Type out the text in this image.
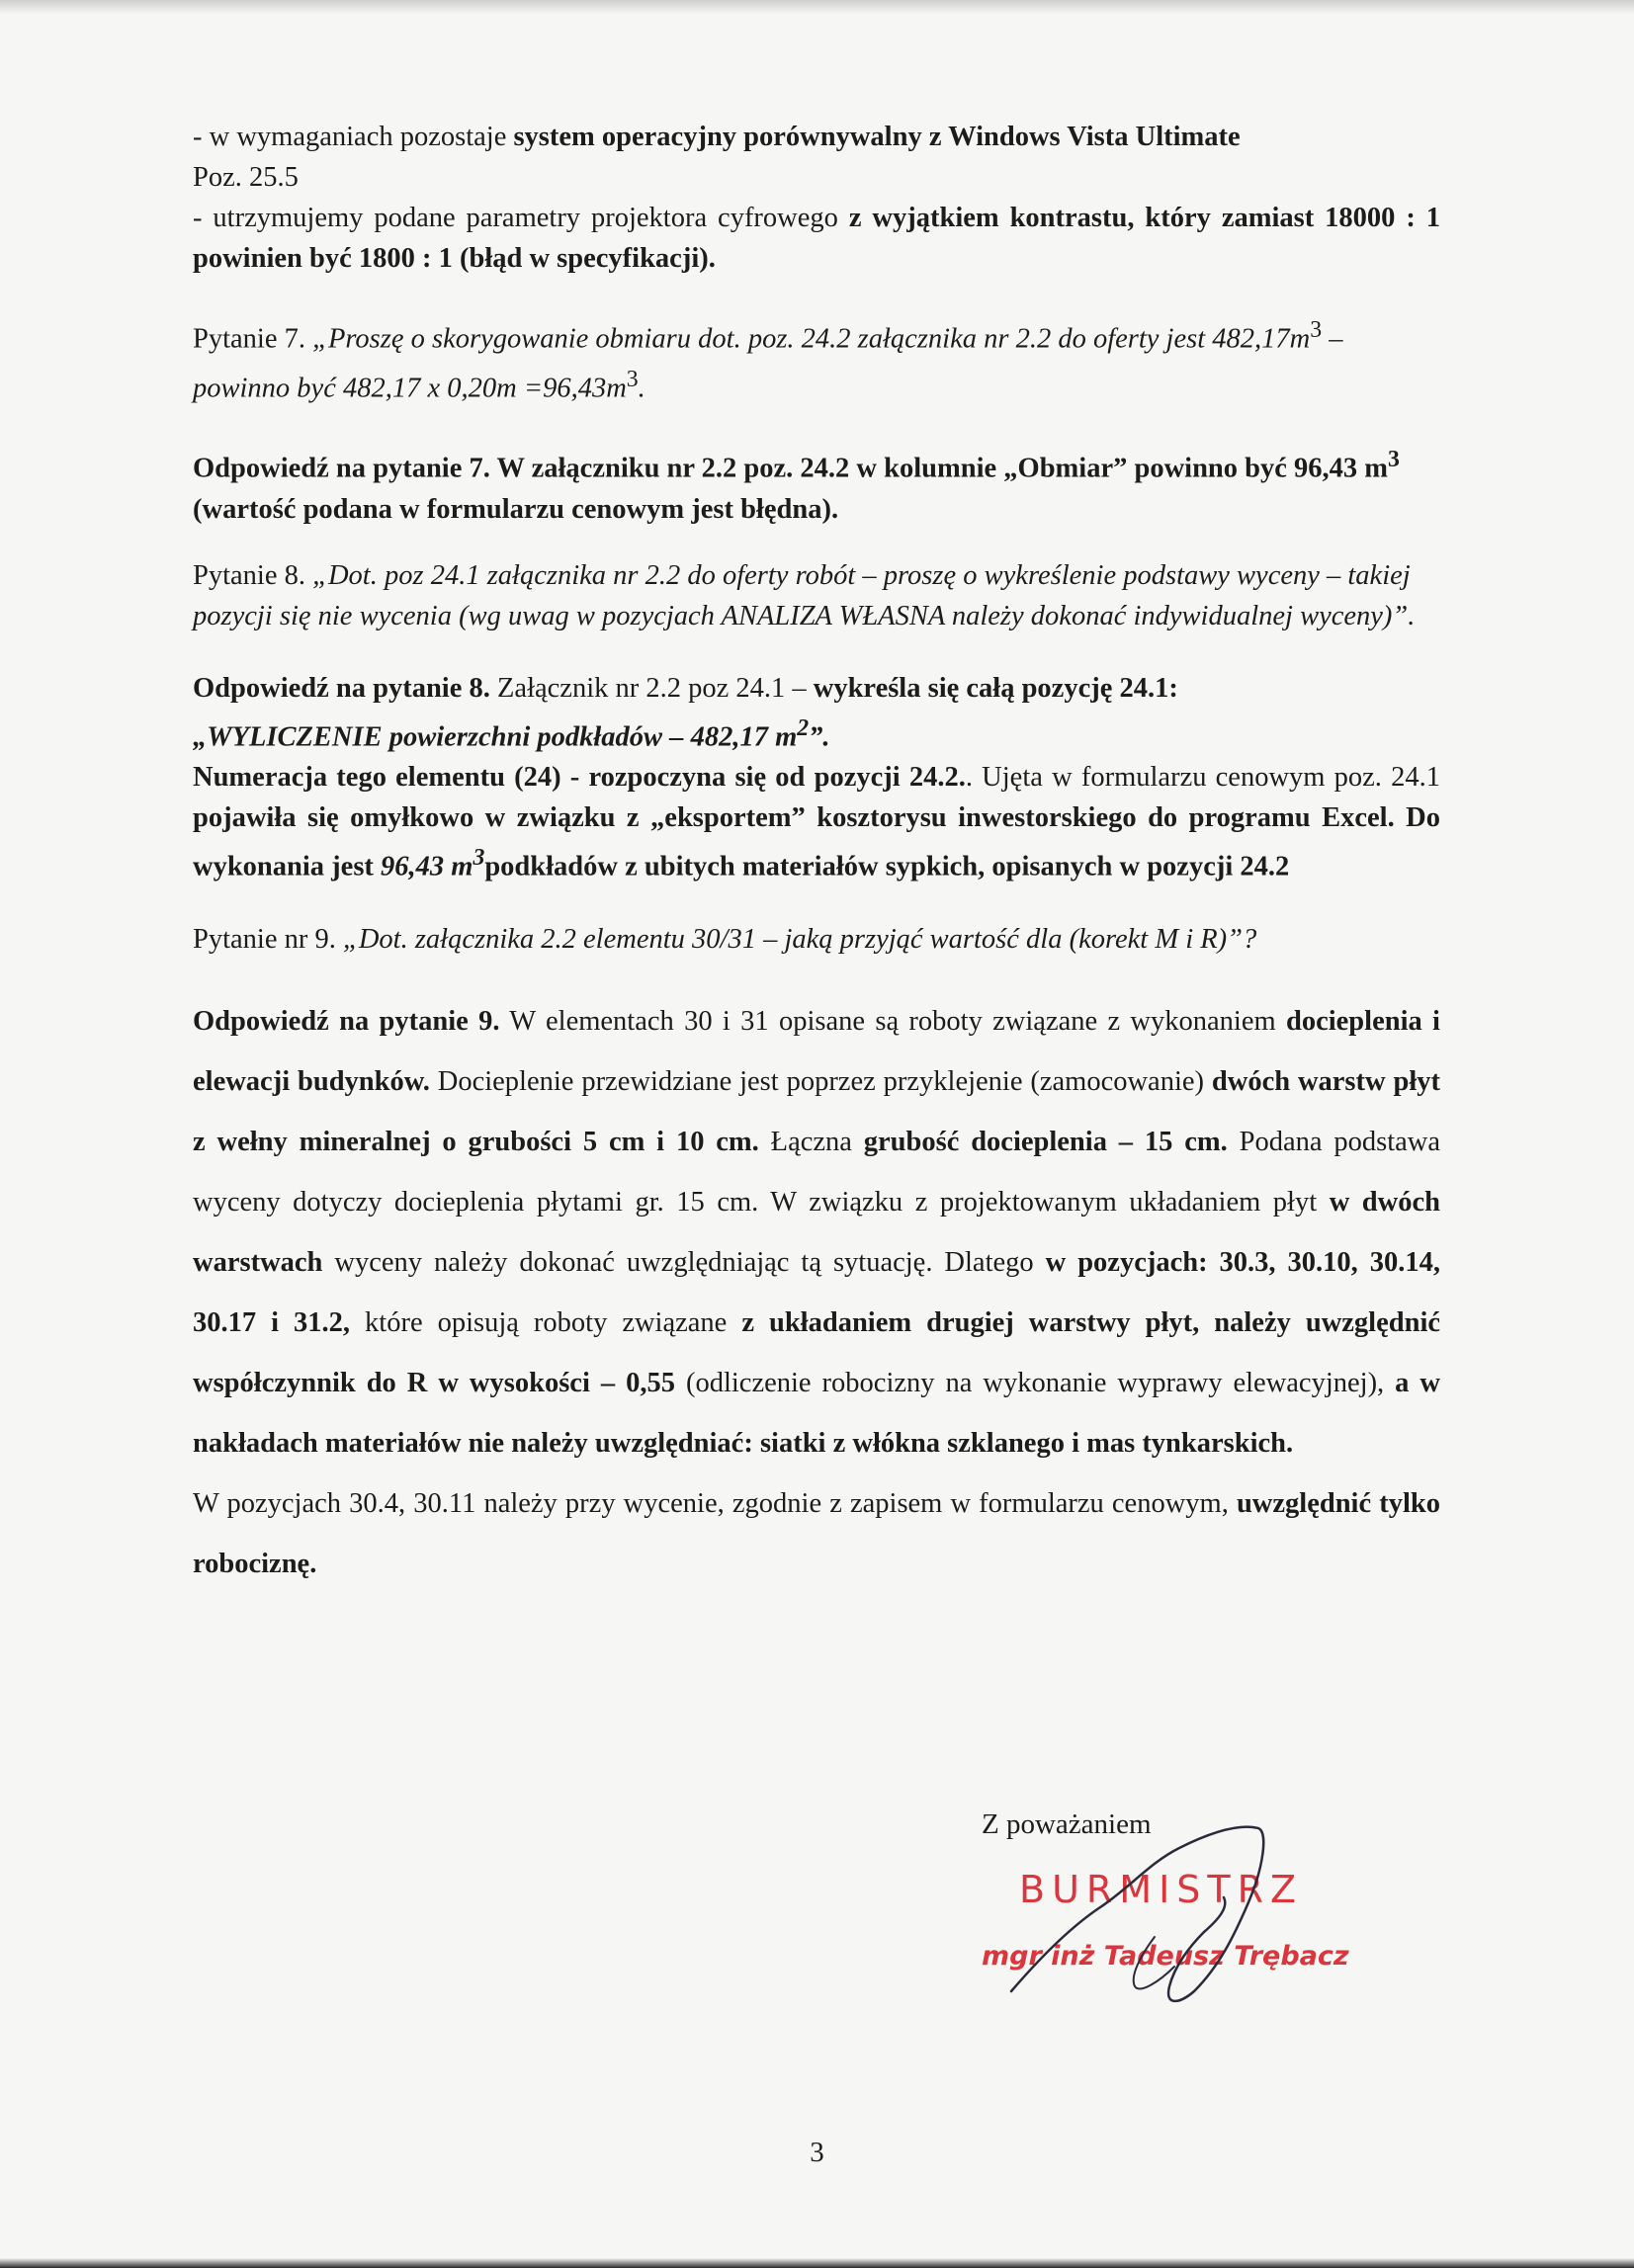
- w wymaganiach pozostaje system operacyjny porównywalny z Windows Vista Ultimate

Poz. 25.5

- utrzymujemy podane parametry projektora cyfrowego z wyjątkiem kontrastu, który zamiast 18000 : 1 powinien być 1800 : 1 (błąd w specyfikacji).

Pytanie 7. „Proszę o skorygowanie obmiaru dot. poz. 24.2 załącznika nr 2.2 do oferty jest $482,17m^3$ – powinno być 482,17 x $0,20m =96,43m^3$.

Odpowiedź na pytanie 7. W załączniku nr 2.2 poz. 24.2 w kolumnie „Obmiar” powinno być 96,43 $m^3$ (wartość podana w formularzu cenowym jest błędna).

Pytanie 8. „Dot. poz 24.1 załącznika nr 2.2 do oferty robót – proszę o wykreślenie podstawy wyceny – takiej pozycji się nie wycenia (wg uwag w pozycjach ANALIZA WŁASNA należy dokonać indywidualnej wyceny)”.

Odpowiedź na pytanie 8. Załącznik nr 2.2 poz 24.1 – wykreśla się całą pozycję 24.1:
„WYLICZENIE powierzchni podkładów – 482,17 $m^2$”.
Numeracja tego elementu (24) - rozpoczyna się od pozycji 24.2.. Ujęta w formularzu cenowym poz. 24.1 pojawiła się omyłkowo w związku z „eksportem” kosztorysu inwestorskiego do programu Excel. Do wykonania jest 96,43 $m^3podkładów$ z ubitych materiałów sypkich, opisanych w pozycji 24.2

Pytanie nr 9. „Dot. załącznika 2.2 elementu 30/31 – jaką przyjąć wartość dla (korekt M i R)”?

Odpowiedź na pytanie 9. W elementach 30 i 31 opisane są roboty związane z wykonaniem docieplenia i elewacji budynków. Docieplenie przewidziane jest poprzez przyklejenie (zamocowanie) dwóch warstw płyt z wełny mineralnej o grubości 5 cm i 10 cm. Łączna grubość docieplenia – 15 cm. Podana podstawa wyceny dotyczy docieplenia płytami gr. 15 cm. W związku z projektowanym układaniem płyt w dwóch warstwach wyceny należy dokonać uwzględniając tą sytuację. Dlatego w pozycjach: 30.3, 30.10, 30.14, 30.17 i 31.2, które opisują roboty związane z układaniem drugiej warstwy płyt, należy uwzględnić współczynnik do R w wysokości – 0,55 (odliczenie robocizny na wykonanie wyprawy elewacyjnej), a w nakładach materiałów nie należy uwzględniać: siatki z włókna szklanego i mas tynkarskich.

W pozycjach 30.4, 30.11 należy przy wycenie, zgodnie z zapisem w formularzu cenowym, uwzględnić tylko robociznę.

Z poważaniem
BURMISTRZ
mgr inż Tadeusz Trębacz
3
